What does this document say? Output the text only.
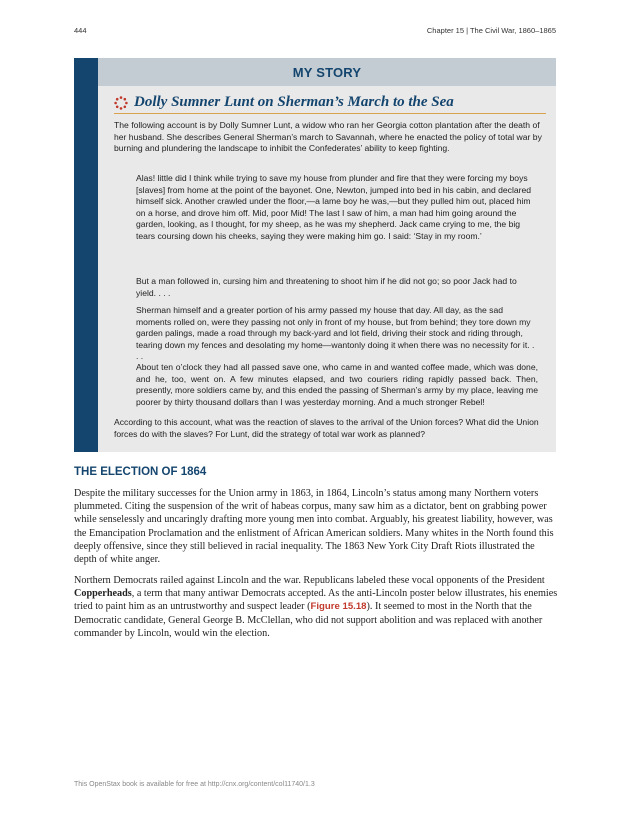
444	Chapter 15 | The Civil War, 1860–1865
MY STORY
Dolly Sumner Lunt on Sherman’s March to the Sea

The following account is by Dolly Sumner Lunt, a widow who ran her Georgia cotton plantation after the death of her husband. She describes General Sherman’s march to Savannah, where he enacted the policy of total war by burning and plundering the landscape to inhibit the Confederates’ ability to keep fighting.

Alas! little did I think while trying to save my house from plunder and fire that they were forcing my boys [slaves] from home at the point of the bayonet. One, Newton, jumped into bed in his cabin, and declared himself sick. Another crawled under the floor,—a lame boy he was,—but they pulled him out, placed him on a horse, and drove him off. Mid, poor Mid! The last I saw of him, a man had him going around the garden, looking, as I thought, for my sheep, as he was my shepherd. Jack came crying to me, the big tears coursing down his cheeks, saying they were making him go. I said: ‘Stay in my room.’

But a man followed in, cursing him and threatening to shoot him if he did not go; so poor Jack had to yield. . . .

Sherman himself and a greater portion of his army passed my house that day. All day, as the sad moments rolled on, were they passing not only in front of my house, but from behind; they tore down my garden palings, made a road through my back-yard and lot field, driving their stock and riding through, tearing down my fences and desolating my home—wantonly doing it when there was no necessity for it. . . .

About ten o’clock they had all passed save one, who came in and wanted coffee made, which was done, and he, too, went on. A few minutes elapsed, and two couriers riding rapidly passed back. Then, presently, more soldiers came by, and this ended the passing of Sherman’s army by my place, leaving me poorer by thirty thousand dollars than I was yesterday morning. And a much stronger Rebel!

According to this account, what was the reaction of slaves to the arrival of the Union forces? What did the Union forces do with the slaves? For Lunt, did the strategy of total war work as planned?

THE ELECTION OF 1864

Despite the military successes for the Union army in 1863, in 1864, Lincoln’s status among many Northern voters plummeted. Citing the suspension of the writ of habeas corpus, many saw him as a dictator, bent on grabbing power while senselessly and uncaringly drafting more young men into combat. Arguably, his greatest liability, however, was the Emancipation Proclamation and the enlistment of African American soldiers. Many whites in the North found this deeply offensive, since they still believed in racial inequality. The 1863 New York City Draft Riots illustrated the depth of white anger.

Northern Democrats railed against Lincoln and the war. Republicans labeled these vocal opponents of the President Copperheads, a term that many antiwar Democrats accepted. As the anti-Lincoln poster below illustrates, his enemies tried to paint him as an untrustworthy and suspect leader (Figure 15.18). It seemed to most in the North that the Democratic candidate, General George B. McClellan, who did not support abolition and was replaced with another commander by Lincoln, would win the election.

This OpenStax book is available for free at http://cnx.org/content/col11740/1.3
